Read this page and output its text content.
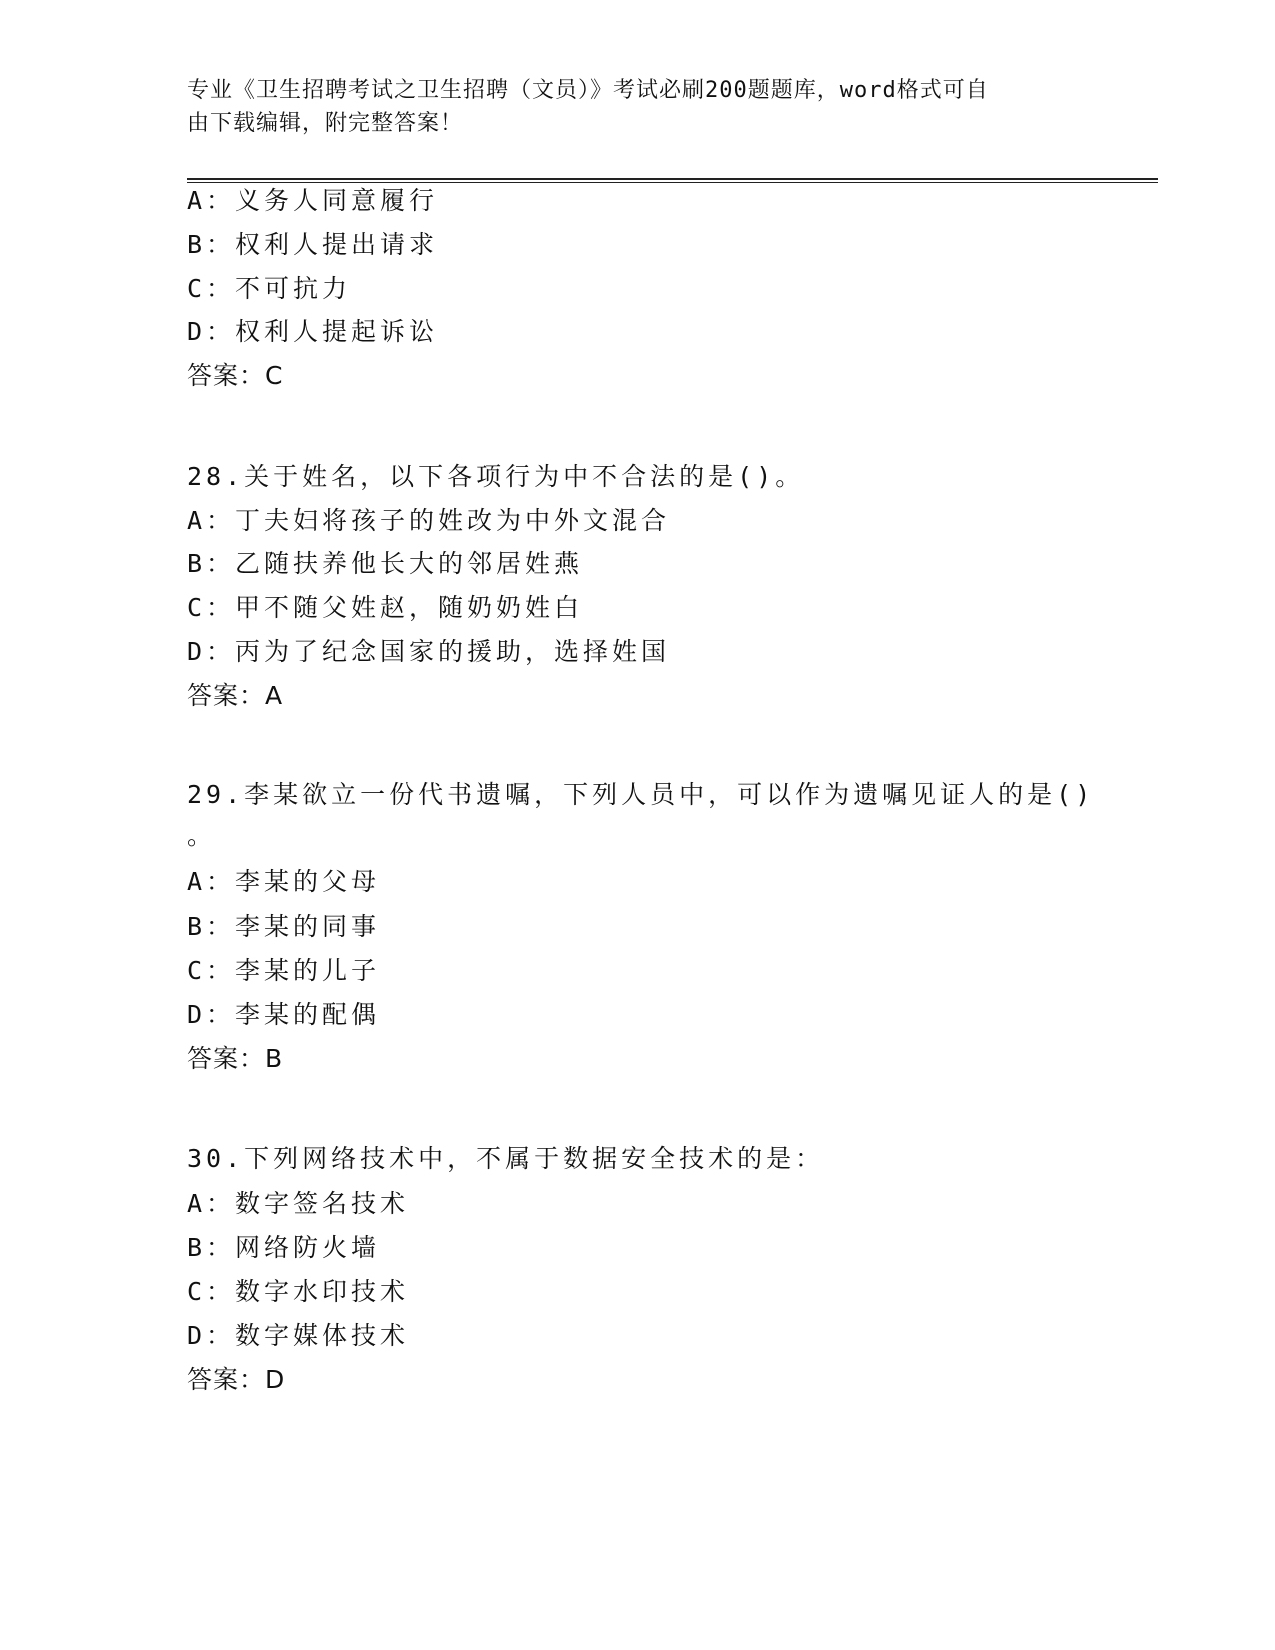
专业《卫生招聘考试之卫生招聘（文员）》考试必刷200题题库，word格式可自
由下载编辑，附完整答案！
A：义务人同意履行
B：权利人提出请求
C：不可抗力
D：权利人提起诉讼
答案：C
28.关于姓名，以下各项行为中不合法的是()。
A：丁夫妇将孩子的姓改为中外文混合
B：乙随扶养他长大的邻居姓燕
C：甲不随父姓赵，随奶奶姓白
D：丙为了纪念国家的援助，选择姓国
答案：A
29.李某欲立一份代书遗嘱，下列人员中，可以作为遗嘱见证人的是()
。
A：李某的父母
B：李某的同事
C：李某的儿子
D：李某的配偶
答案：B
30.下列网络技术中，不属于数据安全技术的是：
A：数字签名技术
B：网络防火墙
C：数字水印技术
D：数字媒体技术
答案：D
